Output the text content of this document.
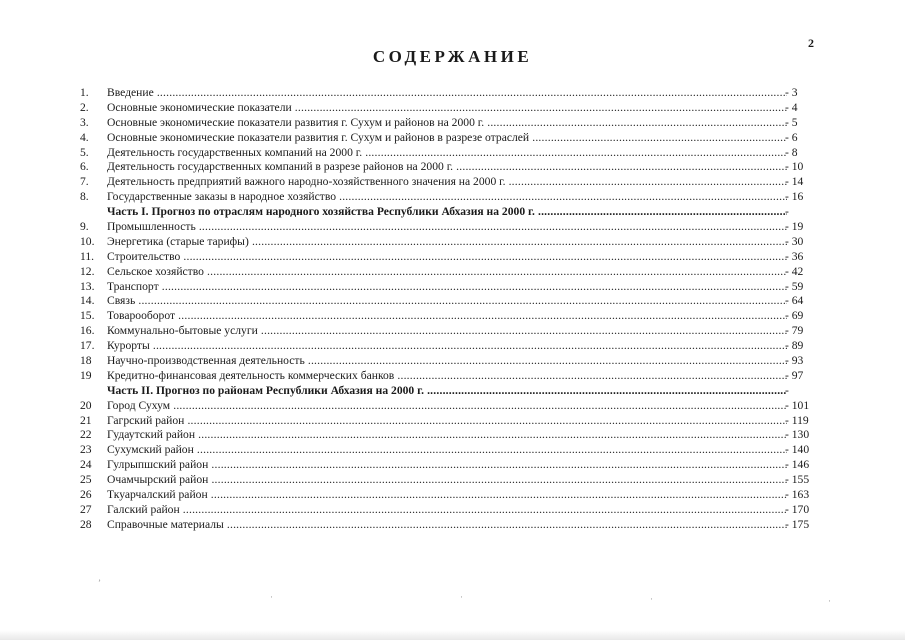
2
СОДЕРЖАНИЕ
1.	Введение .....	- 3
2.	Основные экономические показатели .....	- 4
3.	Основные экономические показатели развития г. Сухум и районов на 2000 г. .....	- 5
4.	Основные экономические показатели развития г. Сухум и районов в разрезе отраслей .....	- 6
5.	Деятельность государственных компаний на 2000 г. .....	- 8
6.	Деятельность государственных компаний в разрезе районов на 2000 г. .....	- 10
7.	Деятельность предприятий важного народно-хозяйственного значения на 2000 г. .....	- 14
8.	Государственные заказы в народное хозяйство .....	- 16
Часть I. Прогноз по отраслям народного хозяйства Республики Абхазия на 2000 г. .....	-
9.	Промышленность .....	- 19
10.	Энергетика (старые тарифы) .....	- 30
11.	Строительство .....	- 36
12.	Сельское хозяйство .....	- 42
13.	Транспорт .....	- 59
14.	Связь .....	- 64
15.	Товарооборот .....	- 69
16.	Коммунально-бытовые услуги .....	- 79
17.	Курорты .....	- 89
18	Научно-производственная деятельность .....	- 93
19	Кредитно-финансовая деятельность коммерческих банков .....	- 97
Часть II. Прогноз по районам Республики Абхазия на 2000 г. .....	-
20	Город Сухум .....	- 101
21	Гагрский район .....	- 119
22	Гудаутский район .....	- 130
23	Сухумский район .....	- 140
24	Гулрыпшский район .....	- 146
25	Очамчырский район .....	- 155
26	Ткуарчалский район .....	- 163
27	Галский район .....	- 170
28	Справочные материалы .....	- 175
ʼ
·	·	·	·
